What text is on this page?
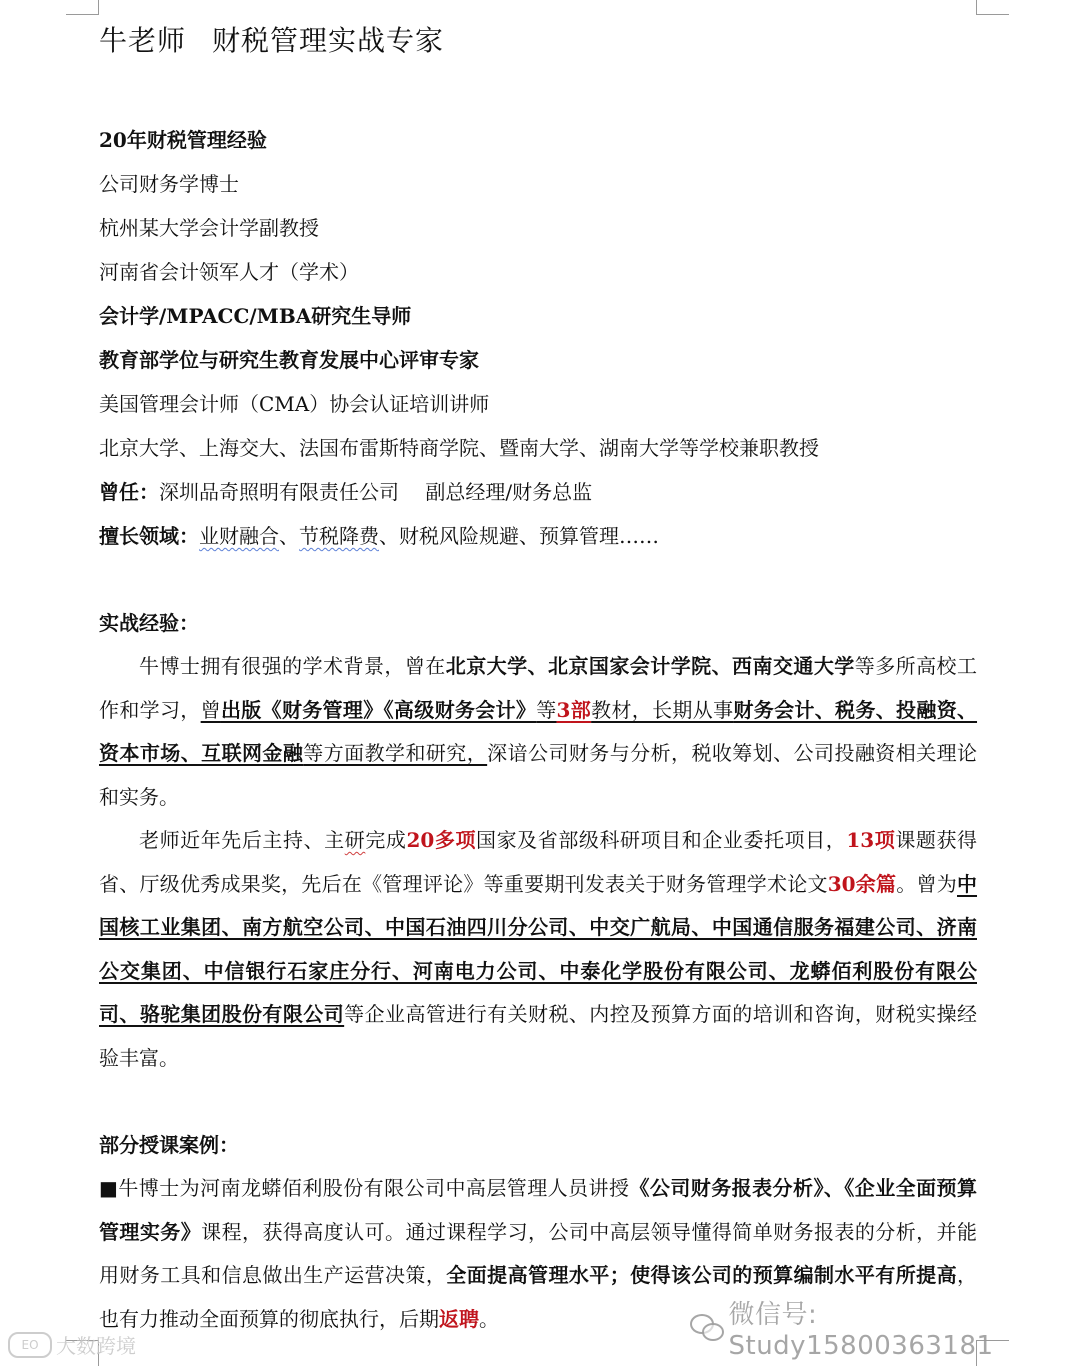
牛老师 财税管理实战专家

20年财税管理经验

公司财务学博士

杭州某大学会计学副教授

河南省会计领军人才（学术）

会计学/MPACC/MBA研究生导师

教育部学位与研究生教育发展中心评审专家

美国管理会计师（CMA）协会认证培训讲师

北京大学、上海交大、法国布雷斯特商学院、暨南大学、湖南大学等学校兼职教授

曾任：深圳品奇照明有限责任公司　 副总经理/财务总监

擅长领域：业财融合、节税降费、财税风险规避、预算管理……

实战经验：

牛博士拥有很强的学术背景，曾在北京大学、北京国家会计学院、西南交通大学等多所高校工作和学习，曾出版《财务管理》《高级财务会计》等3部教材，长期从事财务会计、税务、投融资、资本市场、互联网金融等方面教学和研究，深谙公司财务与分析，税收筹划、公司投融资相关理论和实务。

老师近年先后主持、主研完成20多项国家及省部级科研项目和企业委托项目，13项课题获得省、厅级优秀成果奖，先后在《管理评论》等重要期刊发表关于财务管理学术论文30余篇。曾为中国核工业集团、南方航空公司、中国石油四川分公司、中交广航局、中国通信服务福建公司、济南公交集团、中信银行石家庄分行、河南电力公司、中泰化学股份有限公司、龙蟒佰利股份有限公司、骆驼集团股份有限公司等企业高管进行有关财税、内控及预算方面的培训和咨询，财税实操经验丰富。

部分授课案例：

■牛博士为河南龙蟒佰利股份有限公司中高层管理人员讲授《公司财务报表分析》、《企业全面预算管理实务》课程，获得高度认可。通过课程学习，公司中高层领导懂得简单财务报表的分析，并能用财务工具和信息做出生产运营决策，全面提高管理水平；使得该公司的预算编制水平有所提高，也有力推动全面预算的彻底执行，后期返聘。	微信号: Study15800363181
EO 大数跨境
